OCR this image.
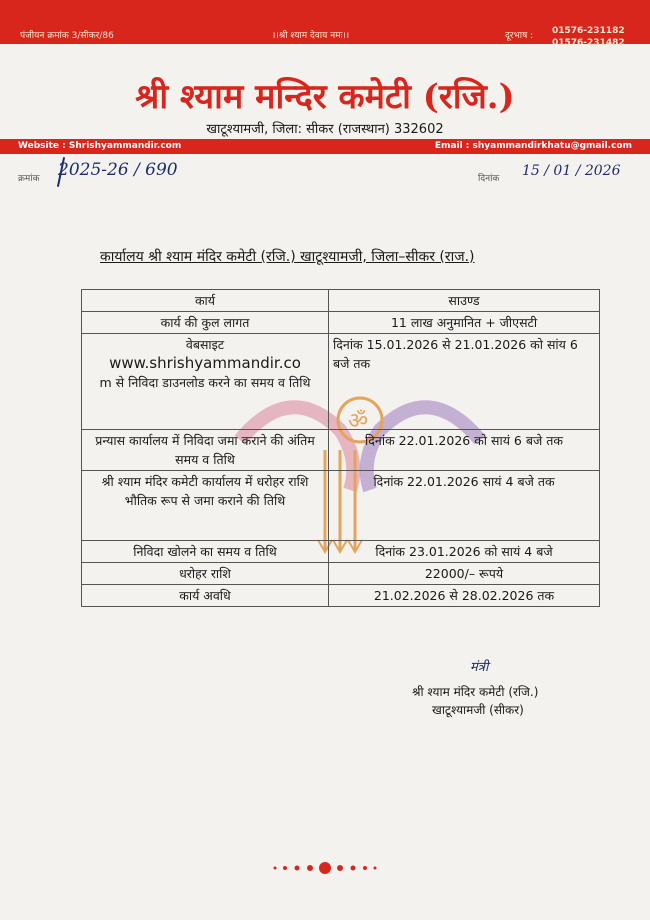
पंजीयन क्रमांक 3/सीकर/86	।।श्री श्याम देवाय नमः।।	दूरभाष : 01576-231182
01576-231482
श्री श्याम मन्दिर कमेटी (रजि.)
खाटूश्यामजी, जिला: सीकर (राजस्थान) 332602
Website : Shrishyammandir.com	Email : shyammandirkhatu@gmail.com
क्रमांक 2025-26 / 690	दिनांक 15 / 01 / 2026
कार्यालय श्री श्याम मंदिर कमेटी (रजि.) खाटूश्यामजी, जिला–सीकर (राज.)
ॐ
कार्य	साउण्ड
कार्य की कुल लागत	11 लाख अनुमानित + जीएसटी
वेबसाइट
www.shrishyammandir.co
m से निविदा डाउनलोड करने का समय व तिथि	दिनांक 15.01.2026 से 21.01.2026 को सांय 6 बजे तक
प्रन्यास कार्यालय में निविदा जमा कराने की अंतिम समय व तिथि	दिनांक 22.01.2026 को सायं 6 बजे तक
श्री श्याम मंदिर कमेटी कार्यालय में धरोहर राशि भौतिक रूप से जमा कराने की तिथि	दिनांक 22.01.2026 सायं 4 बजे तक
निविदा खोलने का समय व तिथि	दिनांक 23.01.2026 को सायं 4 बजे
धरोहर राशि	22000/– रूपये
कार्य अवधि	21.02.2026 से 28.02.2026 तक
मंत्री
श्री श्याम मंदिर कमेटी (रजि.)
खाटूश्यामजी (सीकर)
